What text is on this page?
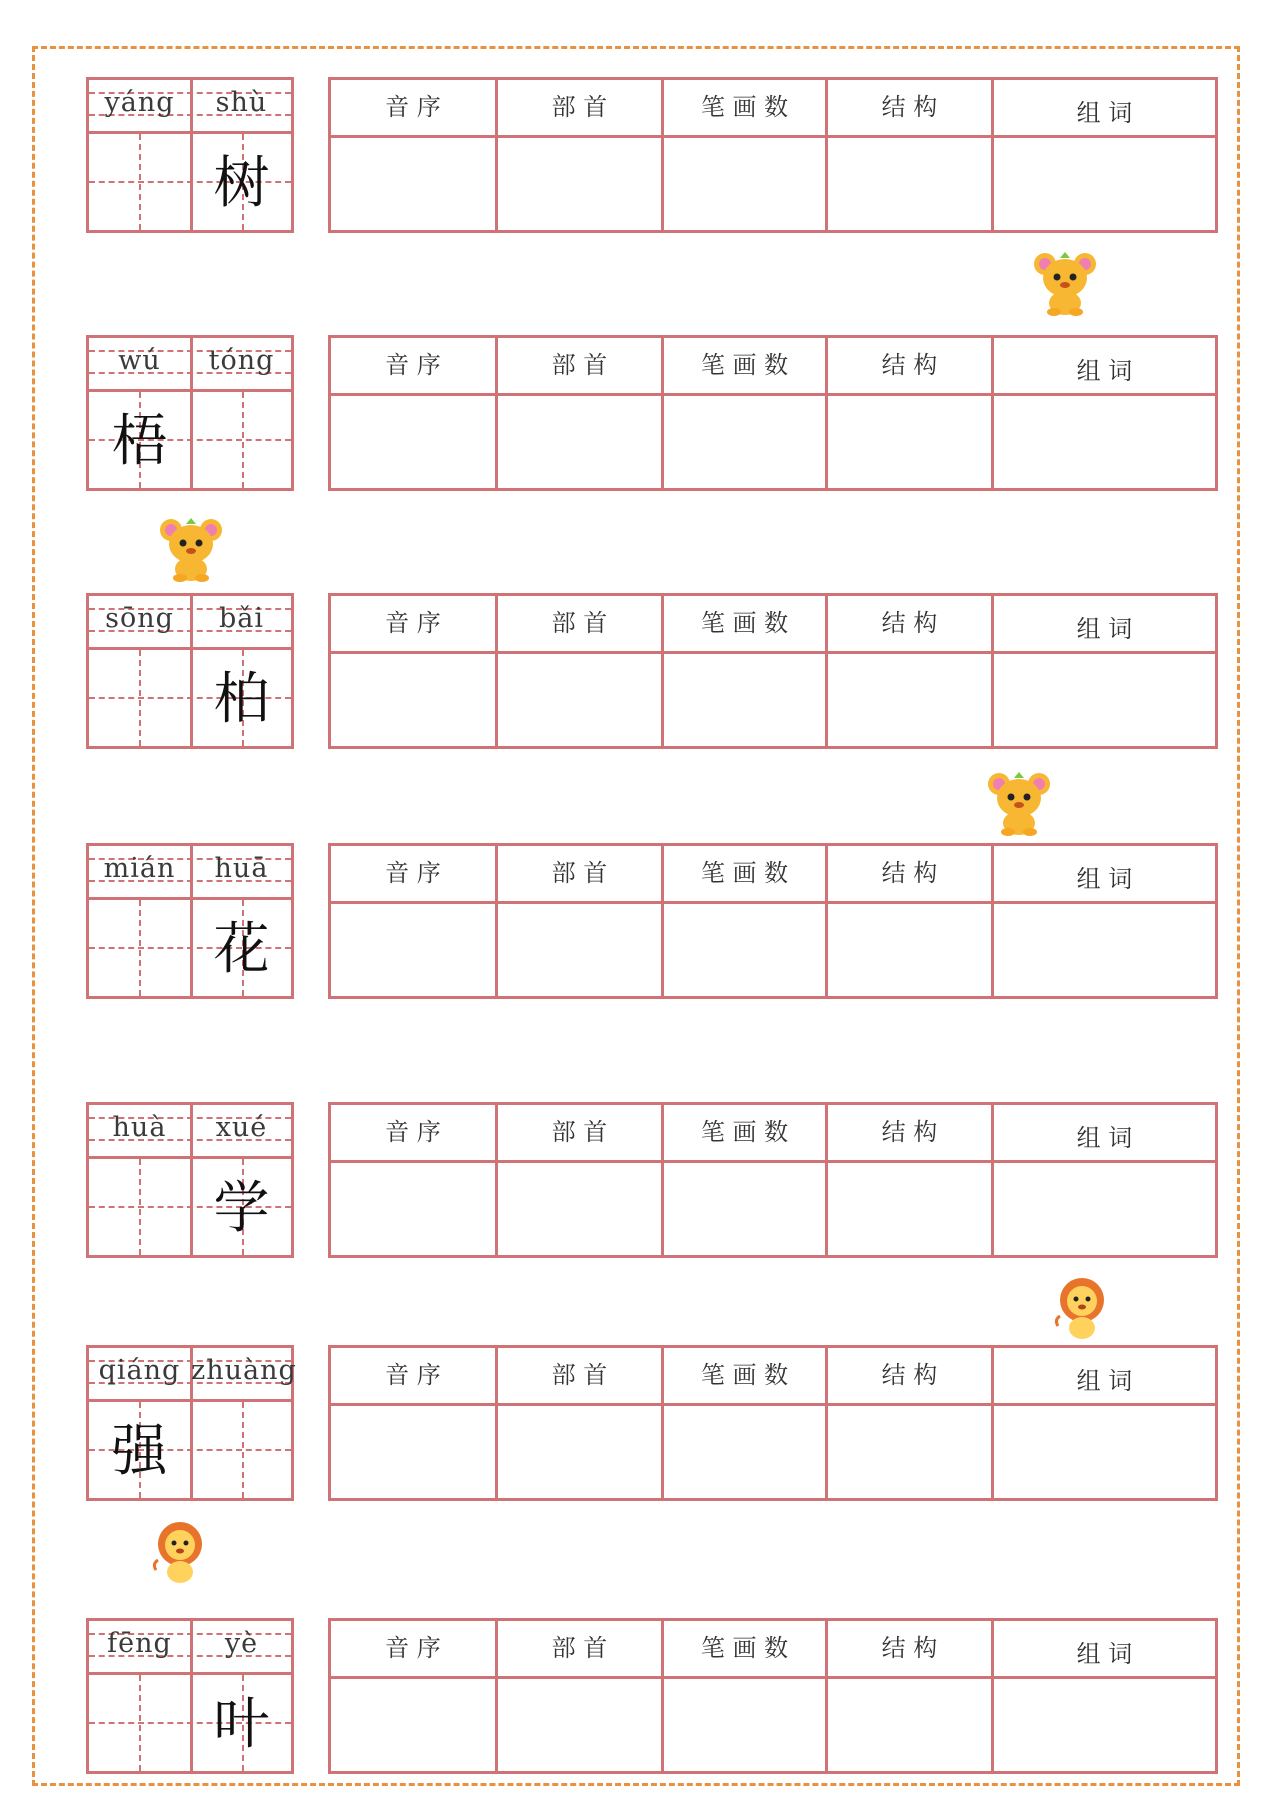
yáng	shù
树
音 序	部 首	笔 画 数	结 构	组 词
wú	tóng
梧
音 序	部 首	笔 画 数	结 构	组 词
sōng	bǎi
柏
音 序	部 首	笔 画 数	结 构	组 词
mián	huā
花
音 序	部 首	笔 画 数	结 构	组 词
huà	xué
学
音 序	部 首	笔 画 数	结 构	组 词
qiáng zhuàng
强
音 序	部 首	笔 画 数	结 构	组 词
fēng	yè
叶
音 序	部 首	笔 画 数	结 构	组 词
